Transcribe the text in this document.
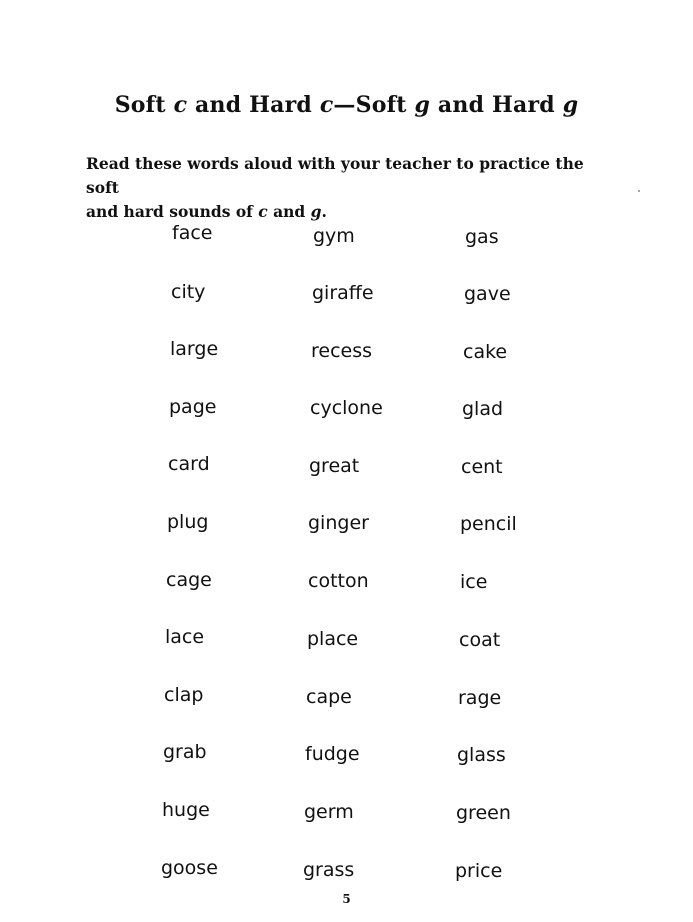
Soft c and Hard c—Soft g and Hard g

Read these words aloud with your teacher to practice the soft
and hard sounds of c and g.

face
city
large
page
card
plug
cage
lace
clap
grab
huge
goose
gym
giraffe
recess
cyclone
great
ginger
cotton
place
cape
fudge
germ
grass
gas
gave
cake
glad
cent
pencil
ice
coat
rage
glass
green
price
5
